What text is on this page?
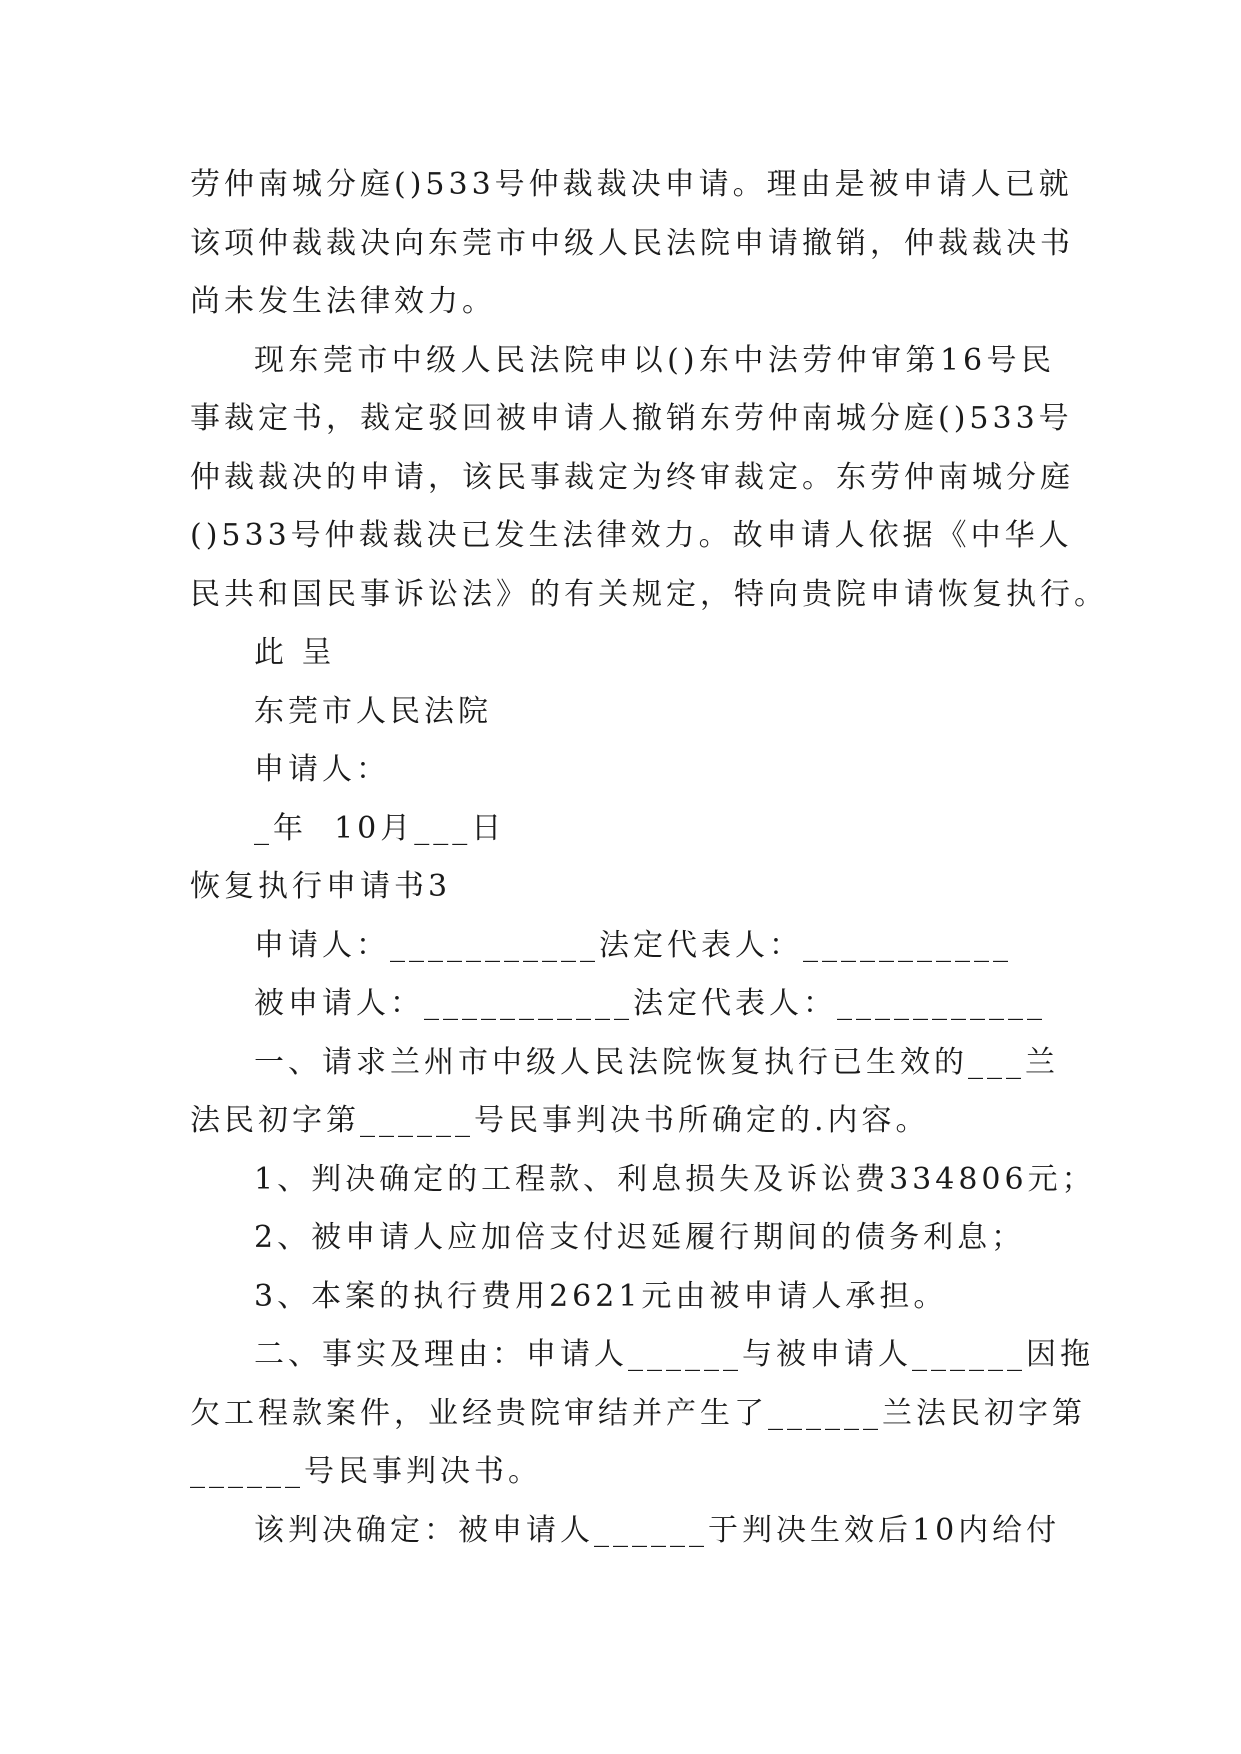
劳仲南城分庭()533号仲裁裁决申请。理由是被申请人已就
该项仲裁裁决向东莞市中级人民法院申请撤销，仲裁裁决书
尚未发生法律效力。
现东莞市中级人民法院申以()东中法劳仲审第16号民
事裁定书，裁定驳回被申请人撤销东劳仲南城分庭()533号
仲裁裁决的申请，该民事裁定为终审裁定。东劳仲南城分庭
()533号仲裁裁决已发生法律效力。故申请人依据《中华人
民共和国民事诉讼法》的有关规定，特向贵院申请恢复执行。
此 呈
东莞市人民法院
申请人：
_年  10月___日
恢复执行申请书3
申请人：___________法定代表人：___________
被申请人：___________法定代表人：___________
一、请求兰州市中级人民法院恢复执行已生效的___兰
法民初字第______号民事判决书所确定的.内容。
1、判决确定的工程款、利息损失及诉讼费334806元；
2、被申请人应加倍支付迟延履行期间的债务利息；
3、本案的执行费用2621元由被申请人承担。
二、事实及理由：申请人______与被申请人______因拖
欠工程款案件，业经贵院审结并产生了______兰法民初字第
______号民事判决书。
该判决确定：被申请人______于判决生效后10内给付
